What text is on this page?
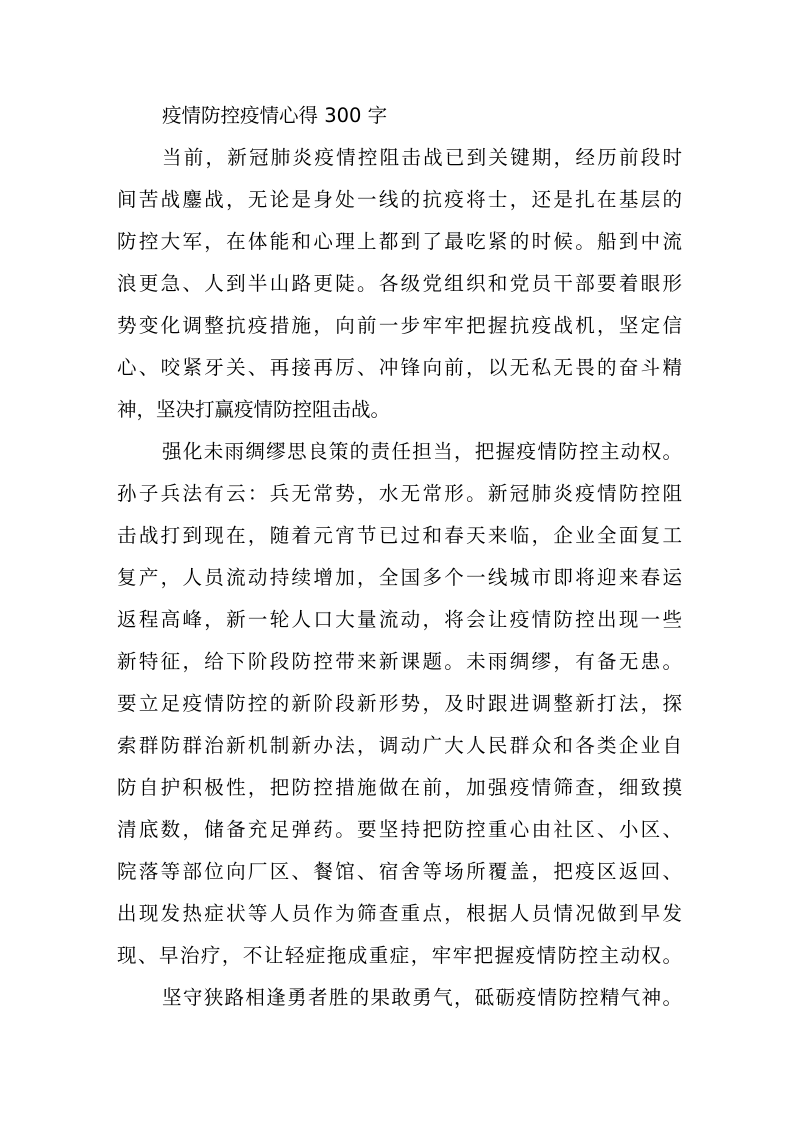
疫情防控疫情心得 300 字
当前，新冠肺炎疫情控阻击战已到关键期，经历前段时
间苦战鏖战，无论是身处一线的抗疫将士，还是扎在基层的
防控大军，在体能和心理上都到了最吃紧的时候。船到中流
浪更急、人到半山路更陡。各级党组织和党员干部要着眼形
势变化调整抗疫措施，向前一步牢牢把握抗疫战机，坚定信
心、咬紧牙关、再接再厉、冲锋向前，以无私无畏的奋斗精
神，坚决打赢疫情防控阻击战。
强化未雨绸缪思良策的责任担当，把握疫情防控主动权。
孙子兵法有云：兵无常势，水无常形。新冠肺炎疫情防控阻
击战打到现在，随着元宵节已过和春天来临，企业全面复工
复产，人员流动持续增加，全国多个一线城市即将迎来春运
返程高峰，新一轮人口大量流动，将会让疫情防控出现一些
新特征，给下阶段防控带来新课题。未雨绸缪，有备无患。
要立足疫情防控的新阶段新形势，及时跟进调整新打法，探
索群防群治新机制新办法，调动广大人民群众和各类企业自
防自护积极性，把防控措施做在前，加强疫情筛查，细致摸
清底数，储备充足弹药。要坚持把防控重心由社区、小区、
院落等部位向厂区、餐馆、宿舍等场所覆盖，把疫区返回、
出现发热症状等人员作为筛查重点，根据人员情况做到早发
现、早治疗，不让轻症拖成重症，牢牢把握疫情防控主动权。
坚守狭路相逢勇者胜的果敢勇气，砥砺疫情防控精气神。
